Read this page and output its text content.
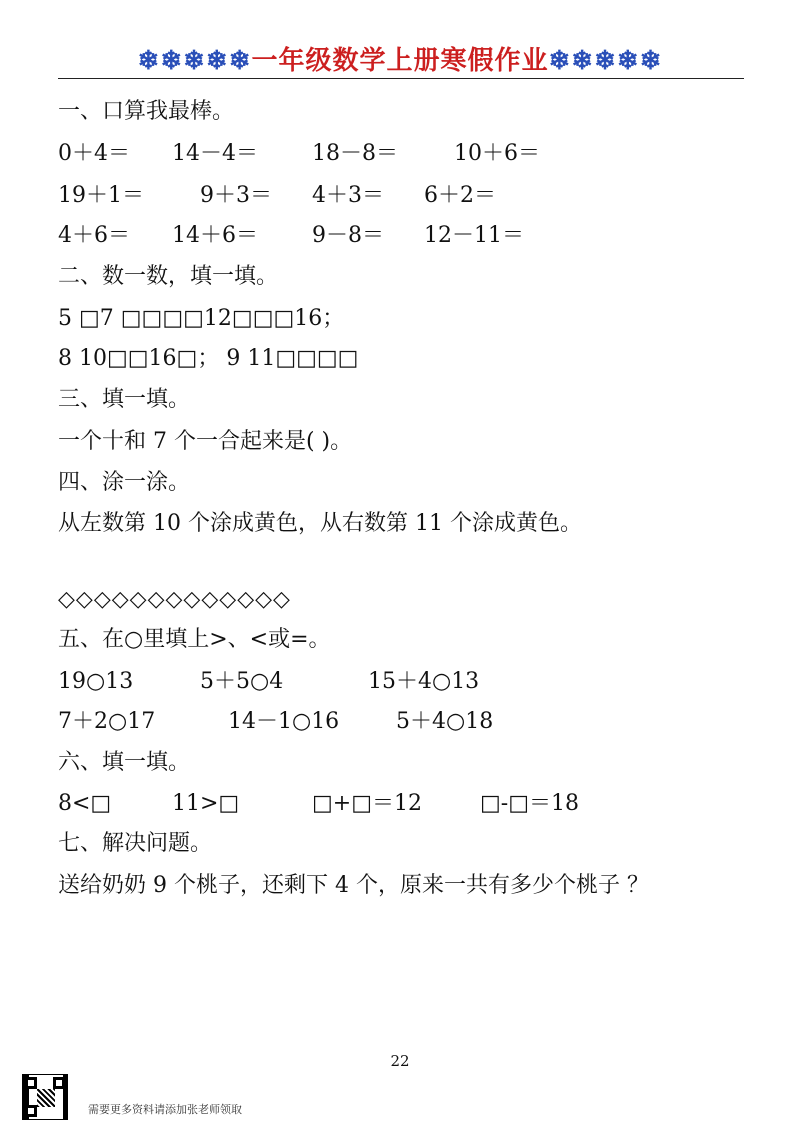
❄❄❄❄❄一年级数学上册寒假作业❄❄❄❄❄
一、口算我最棒。
0＋4＝ 14－4＝ 18－8＝	10＋6＝
19＋1＝	9＋3＝ 4＋3＝ 6＋2＝
4＋6＝ 14＋6＝ 9－8＝ 12－11＝
二、数一数，填一填。
5 □7 □□□□12□□□16；
8 10□□16□； 9 11□□□□
三、填一填。
一个十和 7 个一合起来是( )。
四、涂一涂。
从左数第 10 个涂成黄色，从右数第 11 个涂成黄色。
◇◇◇◇◇◇◇◇◇◇◇◇◇
五、在○里填上>、<或=。
19○13	5＋5○4	15＋4○13
7＋2○17	14－1○16	5＋4○18
六、填一填。
8<□	11>□	□+□＝12	□-□＝18
七、解决问题。
送给奶奶 9 个桃子，还剩下 4 个，原来一共有多少个桃子 ？
22
需要更多资料请添加张老师领取
